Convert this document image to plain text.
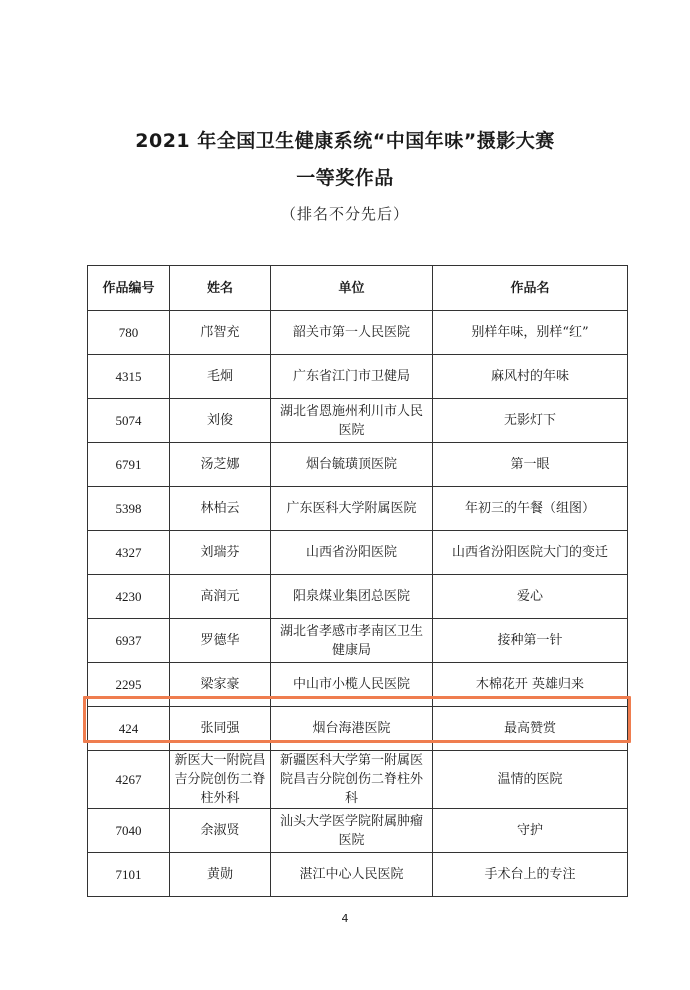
2021 年全国卫生健康系统“中国年味”摄影大赛
一等奖作品
（排名不分先后）
作品编号	姓名	单位	作品名
780	邝智充	韶关市第一人民医院	别样年味，别样“红”
4315	毛炯	广东省江门市卫健局	麻风村的年味
5074	刘俊	湖北省恩施州利川市人民医院	无影灯下
6791	汤芝娜	烟台毓璜顶医院	第一眼
5398	林柏云	广东医科大学附属医院	年初三的午餐（组图）
4327	刘瑞芬	山西省汾阳医院	山西省汾阳医院大门的变迁
4230	高润元	阳泉煤业集团总医院	爱心
6937	罗德华	湖北省孝感市孝南区卫生健康局	接种第一针
2295	梁家豪	中山市小榄人民医院	木棉花开 英雄归来
424	张同强	烟台海港医院	最高赞赏
4267	新医大一附院昌吉分院创伤二脊柱外科	新疆医科大学第一附属医院昌吉分院创伤二脊柱外科	温情的医院
7040	余淑贤	汕头大学医学院附属肿瘤医院	守护
7101	黄勋	湛江中心人民医院	手术台上的专注
4
